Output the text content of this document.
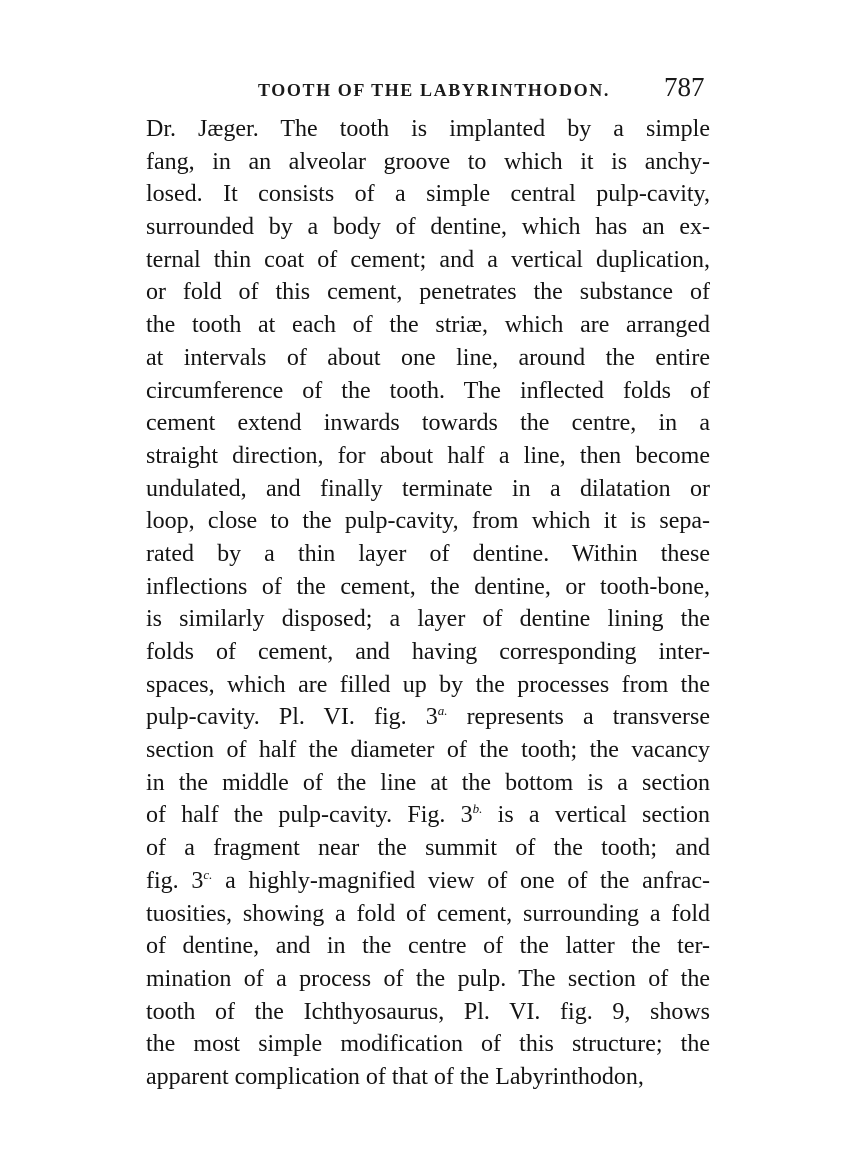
TOOTH OF THE LABYRINTHODON. 787
Dr. Jæger. The tooth is implanted by a simple
fang, in an alveolar groove to which it is anchy-
losed. It consists of a simple central pulp-cavity,
surrounded by a body of dentine, which has an ex-
ternal thin coat of cement; and a vertical duplication,
or fold of this cement, penetrates the substance of
the tooth at each of the striæ, which are arranged
at intervals of about one line, around the entire
circumference of the tooth. The inflected folds of
cement extend inwards towards the centre, in a
straight direction, for about half a line, then become
undulated, and finally terminate in a dilatation or
loop, close to the pulp-cavity, from which it is sepa-
rated by a thin layer of dentine. Within these
inflections of the cement, the dentine, or tooth-bone,
is similarly disposed; a layer of dentine lining the
folds of cement, and having corresponding inter-
spaces, which are filled up by the processes from the
pulp-cavity. Pl. VI. fig. $3^{a.}$ represents a transverse
section of half the diameter of the tooth; the vacancy
in the middle of the line at the bottom is a section
of half the pulp-cavity. Fig. $3^{b.}$ is a vertical section
of a fragment near the summit of the tooth; and
fig. $3^{c.}$ a highly-magnified view of one of the anfrac-
tuosities, showing a fold of cement, surrounding a fold
of dentine, and in the centre of the latter the ter-
mination of a process of the pulp. The section of the
tooth of the Ichthyosaurus, Pl. VI. fig. 9, shows
the most simple modification of this structure; the
apparent complication of that of the Labyrinthodon,
